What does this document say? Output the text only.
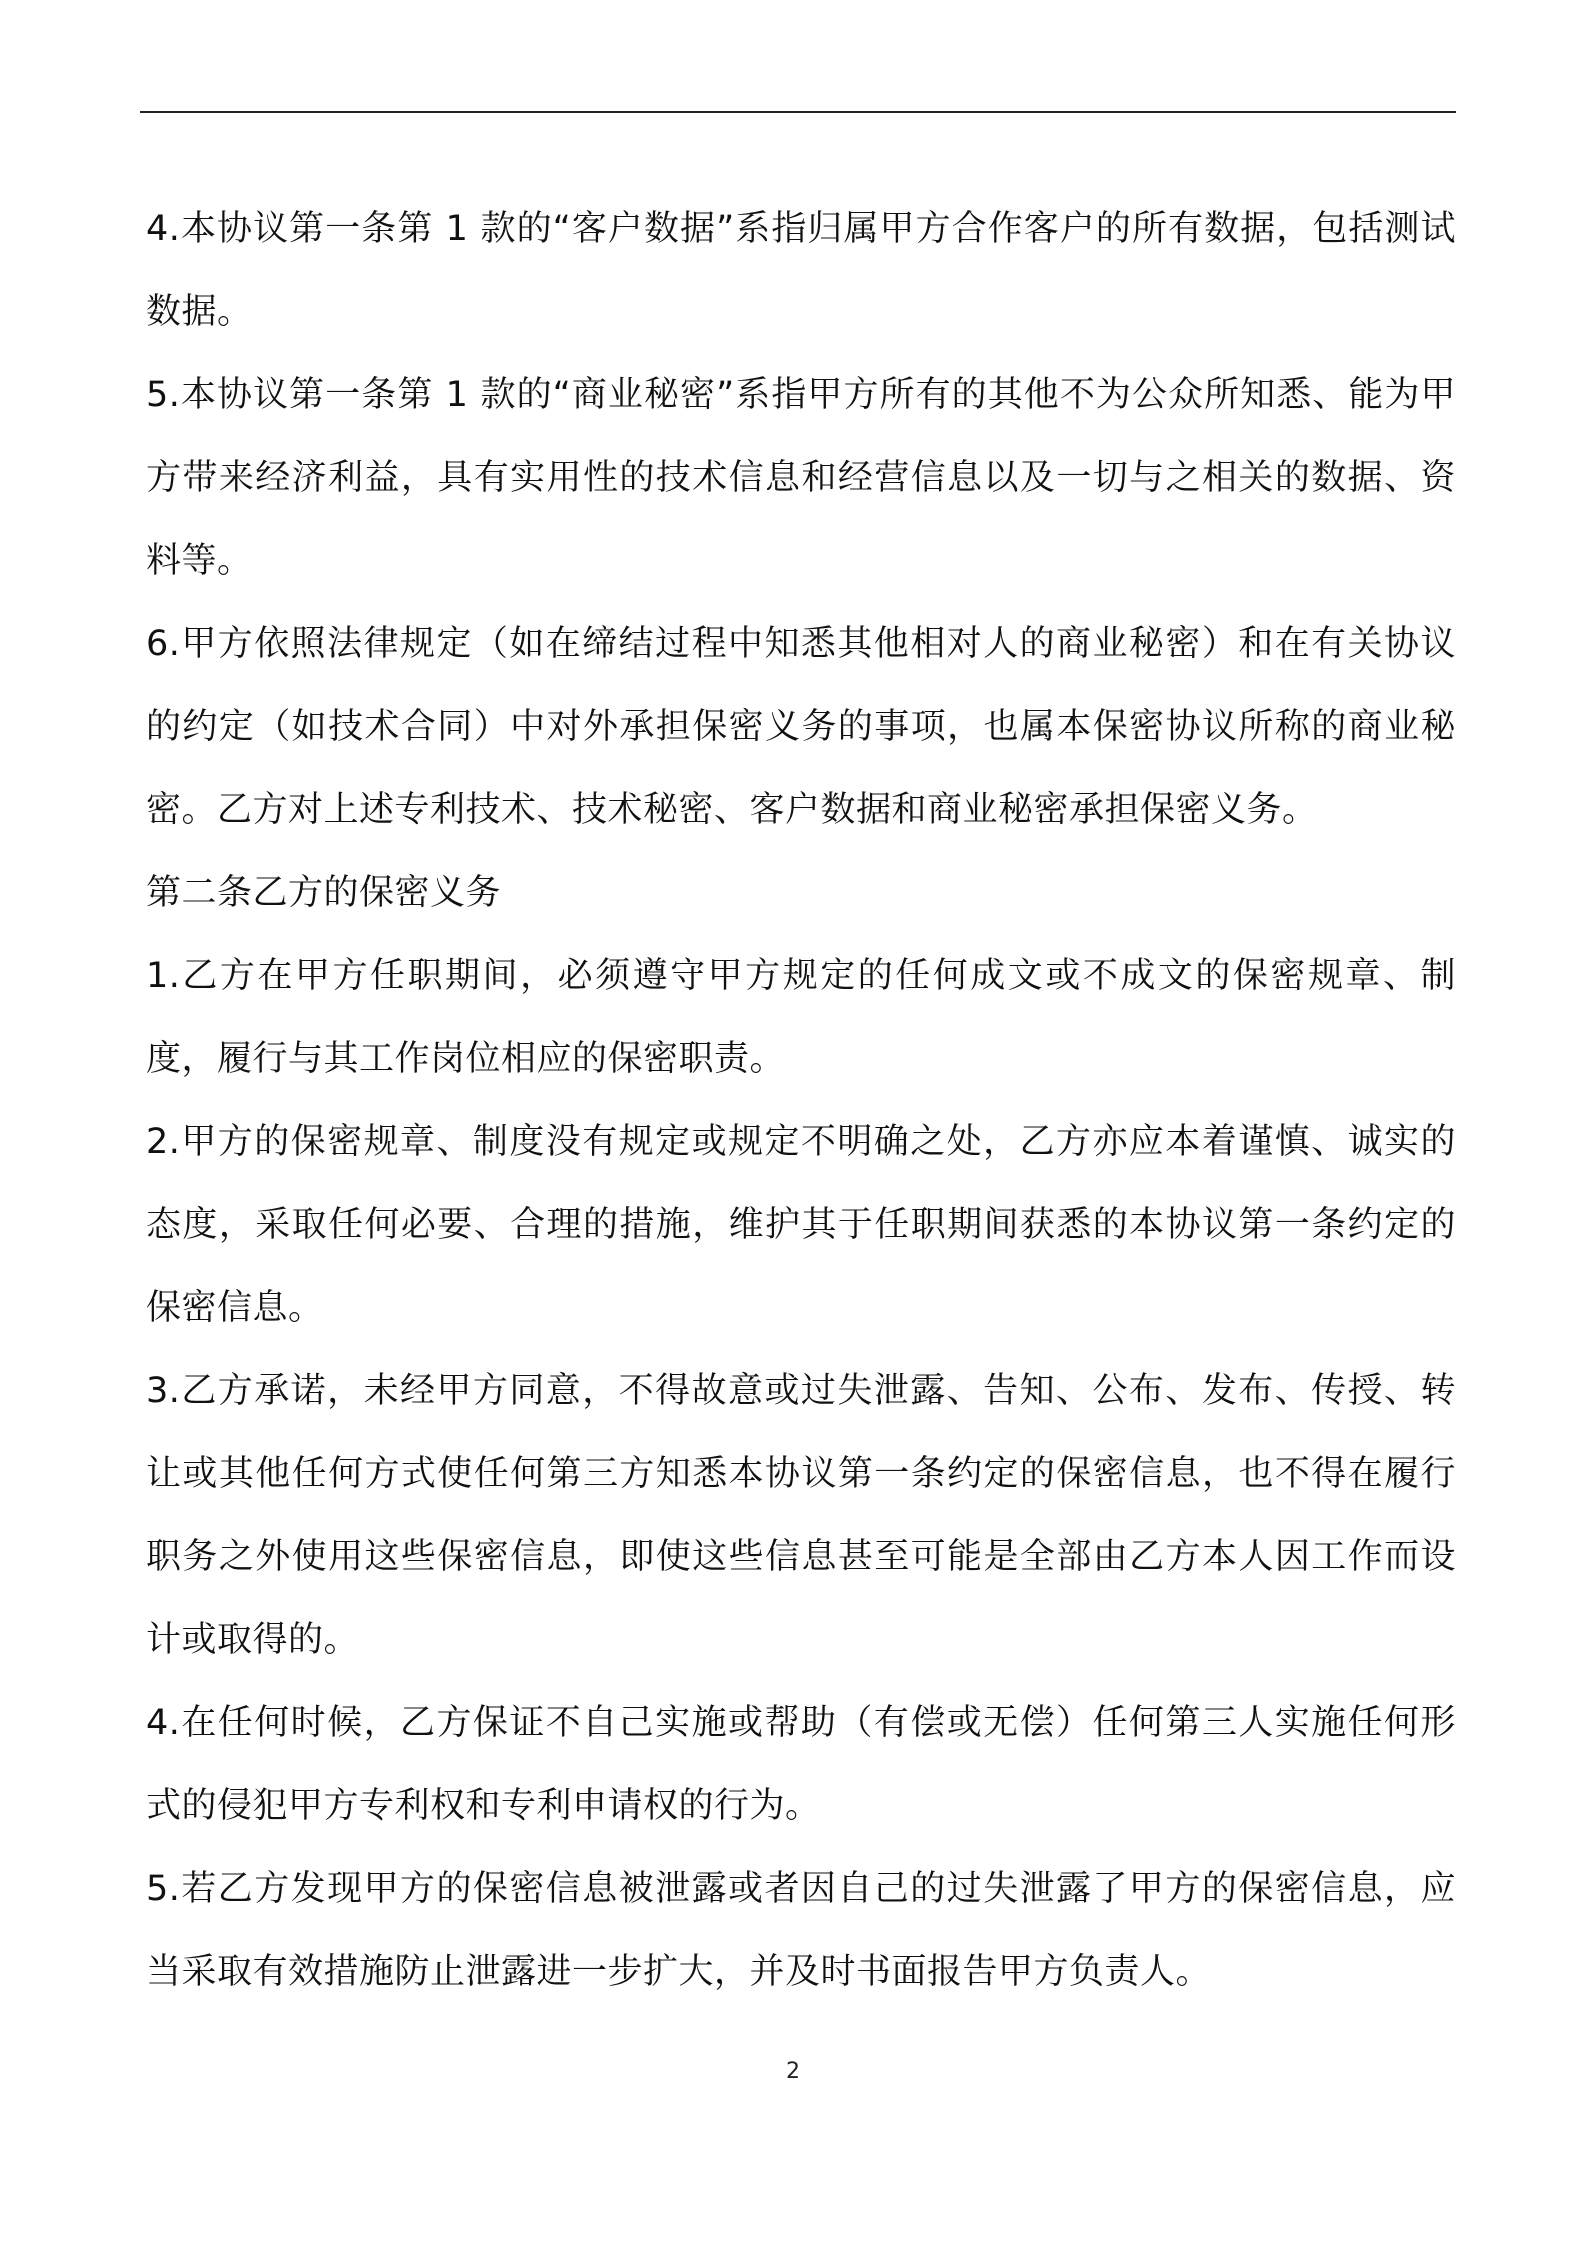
4.本协议第一条第 1 款的“客户数据”系指归属甲方合作客户的所有数据，包括测试数据。

5.本协议第一条第 1 款的“商业秘密”系指甲方所有的其他不为公众所知悉、能为甲方带来经济利益，具有实用性的技术信息和经营信息以及一切与之相关的数据、资料等。

6.甲方依照法律规定（如在缔结过程中知悉其他相对人的商业秘密）和在有关协议的约定（如技术合同）中对外承担保密义务的事项，也属本保密协议所称的商业秘密。乙方对上述专利技术、技术秘密、客户数据和商业秘密承担保密义务。

第二条乙方的保密义务

1.乙方在甲方任职期间，必须遵守甲方规定的任何成文或不成文的保密规章、制度，履行与其工作岗位相应的保密职责。

2.甲方的保密规章、制度没有规定或规定不明确之处，乙方亦应本着谨慎、诚实的态度，采取任何必要、合理的措施，维护其于任职期间获悉的本协议第一条约定的保密信息。

3.乙方承诺，未经甲方同意，不得故意或过失泄露、告知、公布、发布、传授、转让或其他任何方式使任何第三方知悉本协议第一条约定的保密信息，也不得在履行职务之外使用这些保密信息，即使这些信息甚至可能是全部由乙方本人因工作而设计或取得的。

4.在任何时候，乙方保证不自己实施或帮助（有偿或无偿）任何第三人实施任何形式的侵犯甲方专利权和专利申请权的行为。

5.若乙方发现甲方的保密信息被泄露或者因自己的过失泄露了甲方的保密信息，应当采取有效措施防止泄露进一步扩大，并及时书面报告甲方负责人。

2
